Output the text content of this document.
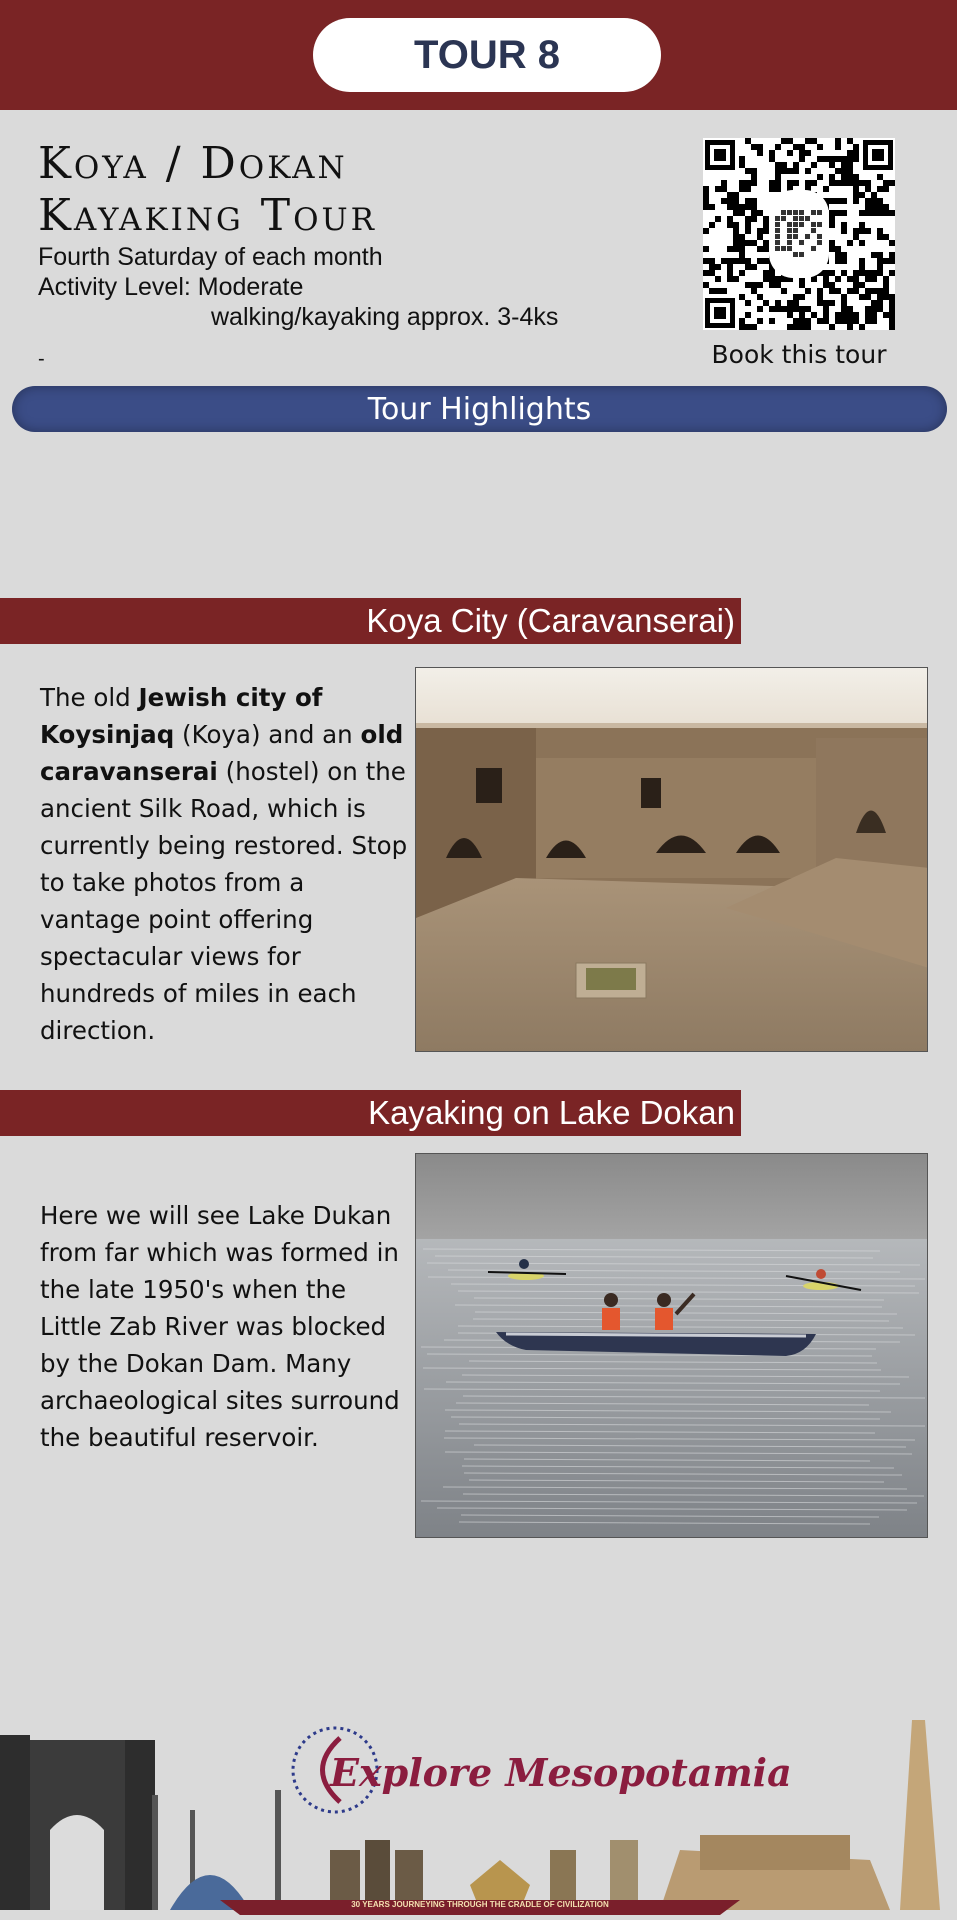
TOUR 8
Koya / Dokan
Kayaking Tour
Fourth Saturday of each month
Activity Level: Moderate
walking/kayaking approx. 3-4ks
-	Book this tour
Tour Highlights
Koya City (Caravanserai)
The old Jewish city of Koysinjaq (Koya) and an old caravanserai (hostel) on the ancient Silk Road, which is currently being restored. Stop to take photos from a vantage point offering spectacular views for hundreds of miles in each direction.
Kayaking on Lake Dokan
Here we will see Lake Dukan from far which was formed in the late 1950's when the Little Zab River was blocked by the Dokan Dam. Many archaeological sites surround the beautiful reservoir.
Explore Mesopotamia
30 YEARS JOURNEYING THROUGH THE CRADLE OF CIVILIZATION
